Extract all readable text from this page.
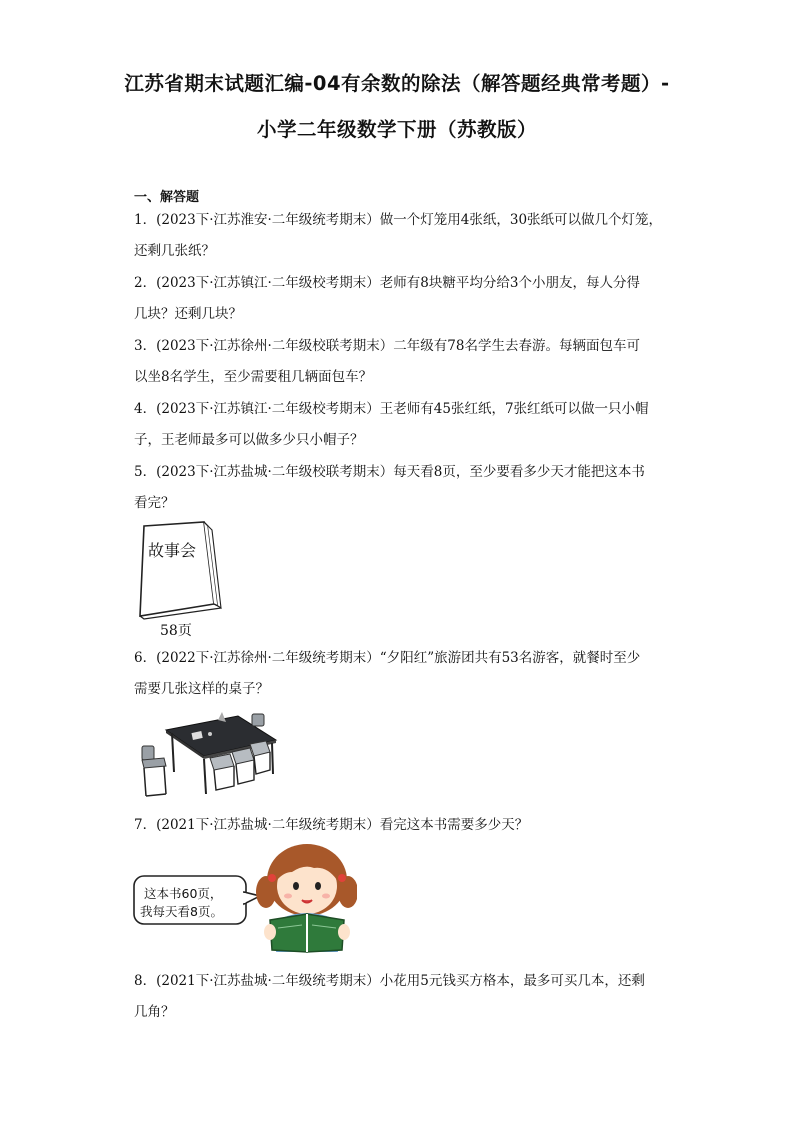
江苏省期末试题汇编-04有余数的除法（解答题经典常考题）-
小学二年级数学下册（苏教版）
一、解答题
1．(2023下·江苏淮安·二年级统考期末）做一个灯笼用4张纸，30张纸可以做几个灯笼，
还剩几张纸？
2．(2023下·江苏镇江·二年级校考期末）老师有8块糖平均分给3个小朋友，每人分得
几块？还剩几块？
3．(2023下·江苏徐州·二年级校联考期末）二年级有78名学生去春游。每辆面包车可
以坐8名学生，至少需要租几辆面包车？
4．(2023下·江苏镇江·二年级校考期末）王老师有45张红纸，7张红纸可以做一只小帽
子，王老师最多可以做多少只小帽子？
5．(2023下·江苏盐城·二年级校联考期末）每天看8页，至少要看多少天才能把这本书
看完？
故事会
58页
6．(2022下·江苏徐州·二年级统考期末）“夕阳红”旅游团共有53名游客，就餐时至少
需要几张这样的桌子？
7．(2021下·江苏盐城·二年级统考期末）看完这本书需要多少天？
这本书60页，
我每天看8页。
8．(2021下·江苏盐城·二年级统考期末）小花用5元钱买方格本，最多可买几本，还剩
几角？
